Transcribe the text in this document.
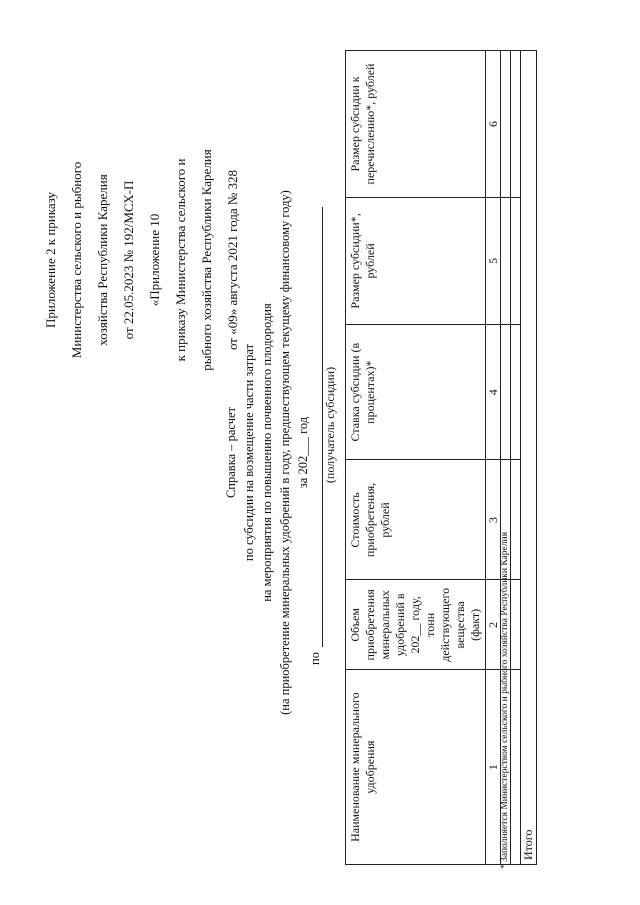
Приложение 2 к приказу Министерства сельского и рыбного хозяйства Республики Карелия от 22.05.2023 № 192/МСХ-П «Приложение 10 к приказу Министерства сельского и рыбного хозяйства Республики Карелия от «09» августа 2021 года № 328
Справка – расчет по субсидии на возмещение части затрат на мероприятия по повышению почвенного плодородия (на приобретение минеральных удобрений в году, предшествующем текущему финансовому году) за 202___ год
по
(получатель субсидии)
Наименование минерального удобрения	Объем приобретения минеральных удобрений в 202__ году, тонн действующего вещества (факт)	Стоимость приобретения, рублей	Ставка субсидии (в процентах)*	Размер субсидии*, рублей	Размер субсидии к перечислению*, рублей
1	2	3	4	5	6

Итого					
* Заполняется Министерством сельского и рыбного хозяйства Республики Карелия
